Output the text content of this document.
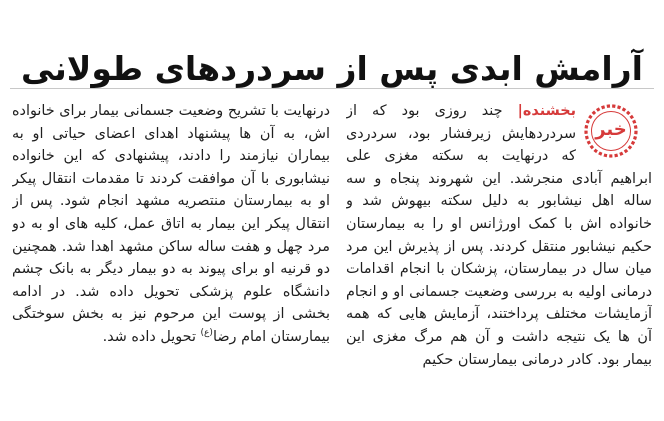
آرامش ابدی پس از سردردهای طولانی
خبر
بخشنده| چند روزی بود که از سردردهایش زیرفشار بود، سردردی که درنهایت به سکته مغزی علی ابراهیم آبادی منجرشد. این شهروند پنجاه و سه ساله اهل نیشابور به دلیل سکته بیهوش شد و خانواده اش با کمک اورژانس او را به بیمارستان حکیم نیشابور منتقل کردند. پس از پذیرش این مرد میان سال در بیمارستان، پزشکان با انجام اقدامات درمانی اولیه به بررسی وضعیت جسمانی او و انجام آزمایشات مختلف پرداختند، آزمایش هایی که همه آن ها یک نتیجه داشت و آن هم مرگ مغزی این بیمار بود. کادر درمانی بیمارستان حکیم
درنهایت با تشریح وضعیت جسمانی بیمار برای خانواده اش، به آن ها پیشنهاد اهدای اعضای حیاتی او به بیماران نیازمند را دادند، پیشنهادی که این خانواده نیشابوری با آن موافقت کردند تا مقدمات انتقال پیکر او به بیمارستان منتصریه مشهد انجام شود. پس از انتقال پیکر این بیمار به اتاق عمل، کلیه های او به دو مرد چهل و هفت ساله ساکن مشهد اهدا شد. همچنین دو قرنیه او برای پیوند به دو بیمار دیگر به بانک چشم دانشگاه علوم پزشکی تحویل داده شد. در ادامه بخشی از پوست این مرحوم نیز به بخش سوختگی بیمارستان امام رضا$^{(ع)}$ تحویل داده شد.
